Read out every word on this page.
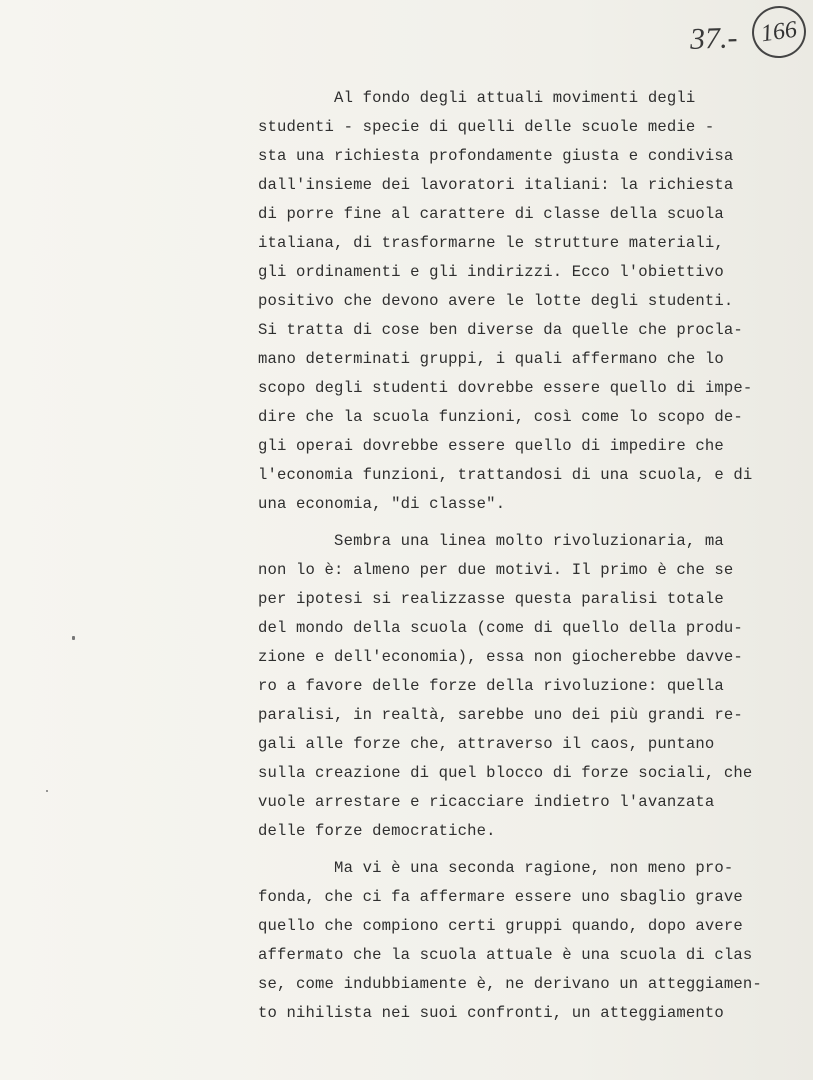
37.- 166
Al fondo degli attuali movimenti degli
studenti - specie di quelli delle scuole medie -
sta una richiesta profondamente giusta e condivisa
dall'insieme dei lavoratori italiani: la richiesta
di porre fine al carattere di classe della scuola
italiana, di trasformarne le strutture materiali,
gli ordinamenti e gli indirizzi. Ecco l'obiettivo
positivo che devono avere le lotte degli studenti.
Si tratta di cose ben diverse da quelle che procla-
mano determinati gruppi, i quali affermano che lo
scopo degli studenti dovrebbe essere quello di impe-
dire che la scuola funzioni, così come lo scopo de-
gli operai dovrebbe essere quello di impedire che
l'economia funzioni, trattandosi di una scuola, e di
una economia, "di classe".
Sembra una linea molto rivoluzionaria, ma
non lo è: almeno per due motivi. Il primo è che se
per ipotesi si realizzasse questa paralisi totale
del mondo della scuola (come di quello della produ-
zione e dell'economia), essa non giocherebbe davve-
ro a favore delle forze della rivoluzione: quella
paralisi, in realtà, sarebbe uno dei più grandi re-
gali alle forze che, attraverso il caos, puntano
sulla creazione di quel blocco di forze sociali, che
vuole arrestare e ricacciare indietro l'avanzata
delle forze democratiche.
Ma vi è una seconda ragione, non meno pro-
fonda, che ci fa affermare essere uno sbaglio grave
quello che compiono certi gruppi quando, dopo avere
affermato che la scuola attuale è una scuola di clas
se, come indubbiamente è, ne derivano un atteggiamen-
to nihilista nei suoi confronti, un atteggiamento
